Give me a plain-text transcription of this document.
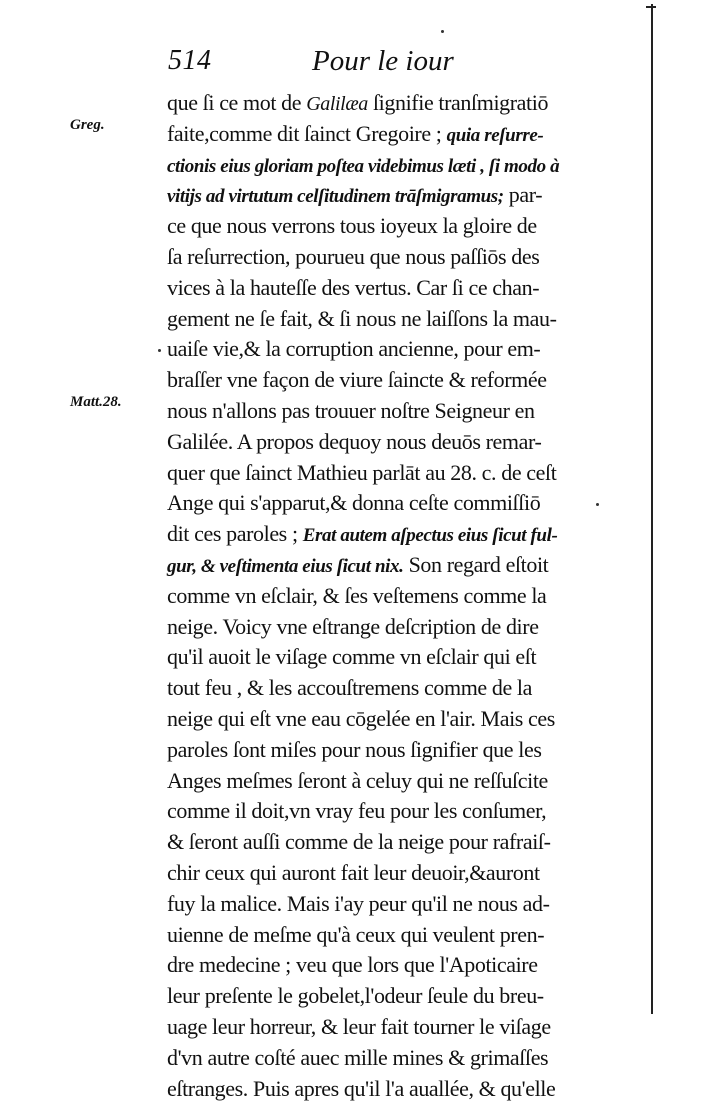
514	Pour le iour
Greg.
Matt.28.
que ſi ce mot de Galilæa ſignifie tranſmigratiō
faite,comme dit ſainct Gregoire ; quia reſurre-
ctionis eius gloriam poſtea videbimus læti , ſi modo à
vitijs ad virtutum celſitudinem trāſmigramus; par-
ce que nous verrons tous ioyeux la gloire de
ſa reſurrection, pourueu que nous paſſiōs des
vices à la hauteſſe des vertus. Car ſi ce chan-
gement ne ſe fait, & ſi nous ne laiſſons la mau-
uaiſe vie,& la corruption ancienne, pour em-
braſſer vne façon de viure ſaincte & reformée
nous n'allons pas trouuer noſtre Seigneur en
Galilée. A propos dequoy nous deuōs remar-
quer que ſainct Mathieu parlāt au 28. c. de ceſt
Ange qui s'apparut,& donna ceſte commiſſiō
dit ces paroles ; Erat autem aſpectus eius ſicut ful-
gur, & veſtimenta eius ſicut nix. Son regard eſtoit
comme vn eſclair, & ſes veſtemens comme la
neige. Voicy vne eſtrange deſcription de dire
qu'il auoit le viſage comme vn eſclair qui eſt
tout feu , & les accouſtremens comme de la
neige qui eſt vne eau cōgelée en l'air. Mais ces
paroles ſont miſes pour nous ſignifier que les
Anges meſmes ſeront à celuy qui ne reſſuſcite
comme il doit,vn vray feu pour les conſumer,
& ſeront auſſi comme de la neige pour rafraiſ-
chir ceux qui auront fait leur deuoir,&auront
fuy la malice. Mais i'ay peur qu'il ne nous ad-
uienne de meſme qu'à ceux qui veulent pren-
dre medecine ; veu que lors que l'Apoticaire
leur preſente le gobelet,l'odeur ſeule du breu-
uage leur horreur, & leur fait tourner le viſage
d'vn autre coſté auec mille mines & grimaſſes
eſtranges. Puis apres qu'il l'a auallée, & qu'elle
